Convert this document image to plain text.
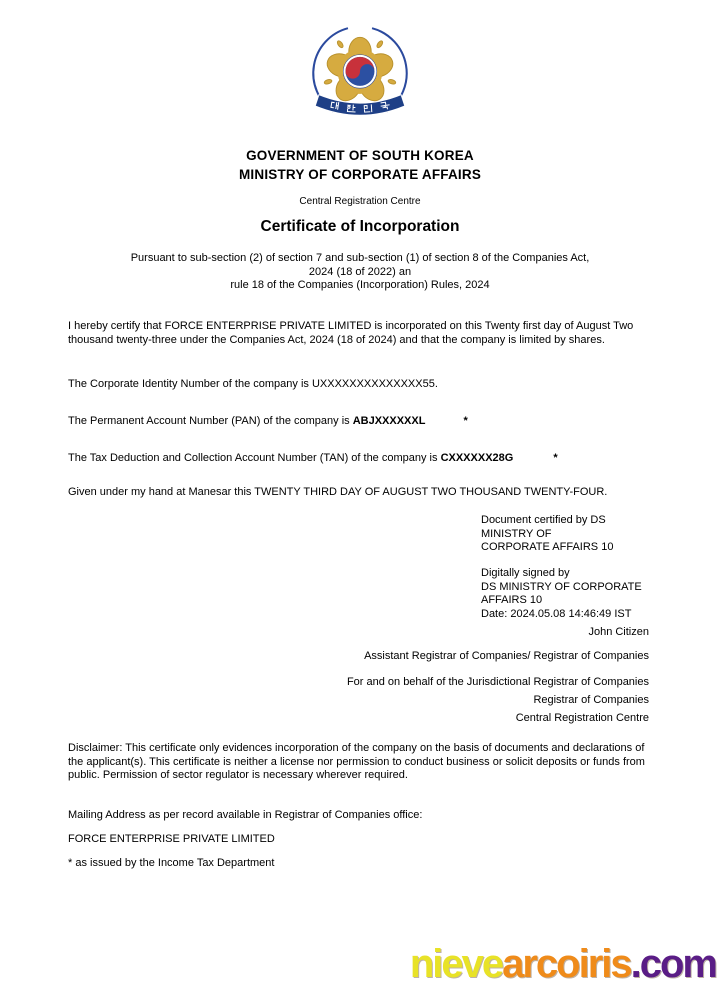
GOVERNMENT OF SOUTH KOREA
MINISTRY OF CORPORATE AFFAIRS
Central Registration Centre
Certificate of Incorporation
Pursuant to sub-section (2) of section 7 and sub-section (1) of section 8 of the Companies Act,
2024 (18 of 2022) an
rule 18 of the Companies (Incorporation) Rules, 2024
I hereby certify that FORCE ENTERPRISE PRIVATE LIMITED is incorporated on this Twenty first day of August Two thousand twenty-three under the Companies Act, 2024 (18 of 2024) and that the company is limited by shares.
The Corporate Identity Number of the company is UXXXXXXXXXXXXXX55.
The Permanent Account Number (PAN) of the company is ABJXXXXXXL	*
The Tax Deduction and Collection Account Number (TAN) of the company is CXXXXXX28G	*
Given under my hand at Manesar this TWENTY THIRD DAY OF AUGUST TWO THOUSAND TWENTY-FOUR.
Document certified by DS
MINISTRY OF
CORPORATE AFFAIRS 10
Digitally signed by
DS MINISTRY OF CORPORATE
AFFAIRS 10
Date: 2024.05.08 14:46:49 IST
John Citizen
Assistant Registrar of Companies/ Registrar of Companies
For and on behalf of the Jurisdictional Registrar of Companies
Registrar of Companies
Central Registration Centre
Disclaimer: This certificate only evidences incorporation of the company on the basis of documents and declarations of the applicant(s). This certificate is neither a license nor permission to conduct business or solicit deposits or funds from public. Permission of sector regulator is necessary wherever required.
Mailing Address as per record available in Registrar of Companies office:
FORCE ENTERPRISE PRIVATE LIMITED
* as issued by the Income Tax Department
nievearcoiris.com
